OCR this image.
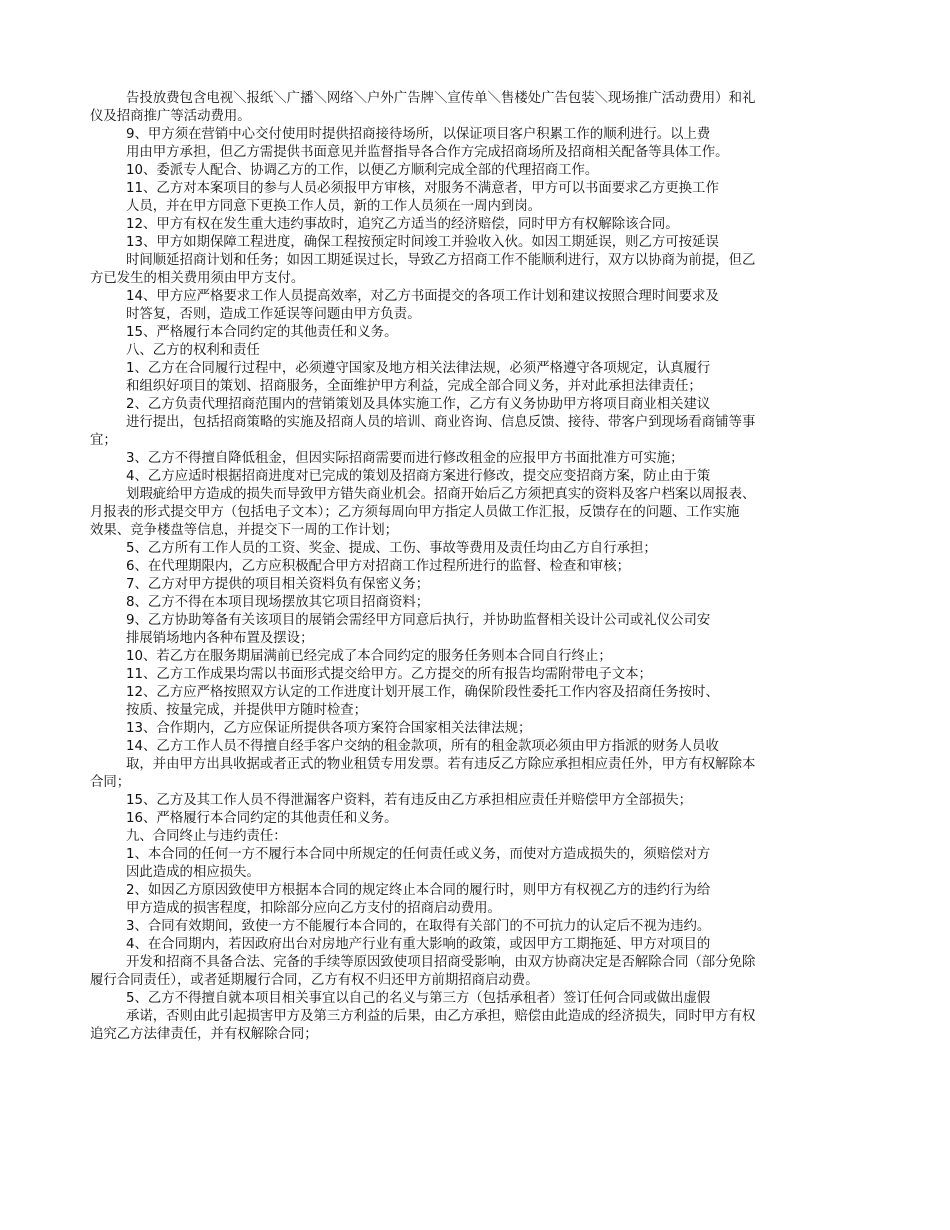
告投放费包含电视＼报纸＼广播＼网络＼户外广告牌＼宣传单＼售楼处广告包装＼现场推广活动费用）和礼
仪及招商推广等活动费用。
9、甲方须在营销中心交付使用时提供招商接待场所，以保证项目客户积累工作的顺利进行。以上费
用由甲方承担，但乙方需提供书面意见并监督指导各合作方完成招商场所及招商相关配备等具体工作。
10、委派专人配合、协调乙方的工作，以便乙方顺利完成全部的代理招商工作。
11、乙方对本案项目的参与人员必须报甲方审核，对服务不满意者，甲方可以书面要求乙方更换工作
人员，并在甲方同意下更换工作人员，新的工作人员须在一周内到岗。
12、甲方有权在发生重大违约事故时，追究乙方适当的经济赔偿，同时甲方有权解除该合同。
13、甲方如期保障工程进度，确保工程按预定时间竣工并验收入伙。如因工期延误，则乙方可按延误
时间顺延招商计划和任务；如因工期延误过长，导致乙方招商工作不能顺利进行，双方以协商为前提，但乙
方已发生的相关费用须由甲方支付。
14、甲方应严格要求工作人员提高效率，对乙方书面提交的各项工作计划和建议按照合理时间要求及
时答复，否则，造成工作延误等问题由甲方负责。
15、严格履行本合同约定的其他责任和义务。
八、乙方的权利和责任
1、乙方在合同履行过程中，必须遵守国家及地方相关法律法规，必须严格遵守各项规定，认真履行
和组织好项目的策划、招商服务，全面维护甲方利益，完成全部合同义务，并对此承担法律责任；
2、乙方负责代理招商范围内的营销策划及具体实施工作，乙方有义务协助甲方将项目商业相关建议
进行提出，包括招商策略的实施及招商人员的培训、商业咨询、信息反馈、接待、带客户到现场看商铺等事
宜；
3、乙方不得擅自降低租金，但因实际招商需要而进行修改租金的应报甲方书面批准方可实施；
4、乙方应适时根据招商进度对已完成的策划及招商方案进行修改，提交应变招商方案，防止由于策
划瑕疵给甲方造成的损失而导致甲方错失商业机会。招商开始后乙方须把真实的资料及客户档案以周报表、
月报表的形式提交甲方（包括电子文本）；乙方须每周向甲方指定人员做工作汇报，反馈存在的问题、工作实施
效果、竞争楼盘等信息，并提交下一周的工作计划；
5、乙方所有工作人员的工资、奖金、提成、工伤、事故等费用及责任均由乙方自行承担；
6、在代理期限内，乙方应积极配合甲方对招商工作过程所进行的监督、检查和审核；
7、乙方对甲方提供的项目相关资料负有保密义务；
8、乙方不得在本项目现场摆放其它项目招商资料；
9、乙方协助筹备有关该项目的展销会需经甲方同意后执行，并协助监督相关设计公司或礼仪公司安
排展销场地内各种布置及摆设；
10、若乙方在服务期届满前已经完成了本合同约定的服务任务则本合同自行终止；
11、乙方工作成果均需以书面形式提交给甲方。乙方提交的所有报告均需附带电子文本；
12、乙方应严格按照双方认定的工作进度计划开展工作，确保阶段性委托工作内容及招商任务按时、
按质、按量完成，并提供甲方随时检查；
13、合作期内，乙方应保证所提供各项方案符合国家相关法律法规；
14、乙方工作人员不得擅自经手客户交纳的租金款项，所有的租金款项必须由甲方指派的财务人员收
取，并由甲方出具收据或者正式的物业租赁专用发票。若有违反乙方除应承担相应责任外，甲方有权解除本
合同；
15、乙方及其工作人员不得泄漏客户资料，若有违反由乙方承担相应责任并赔偿甲方全部损失；
16、严格履行本合同约定的其他责任和义务。
九、合同终止与违约责任：
1、本合同的任何一方不履行本合同中所规定的任何责任或义务，而使对方造成损失的，须赔偿对方
因此造成的相应损失。
2、如因乙方原因致使甲方根据本合同的规定终止本合同的履行时，则甲方有权视乙方的违约行为给
甲方造成的损害程度，扣除部分应向乙方支付的招商启动费用。
3、合同有效期间，致使一方不能履行本合同的，在取得有关部门的不可抗力的认定后不视为违约。
4、在合同期内，若因政府出台对房地产行业有重大影响的政策，或因甲方工期拖延、甲方对项目的
开发和招商不具备合法、完备的手续等原因致使项目招商受影响，由双方协商决定是否解除合同（部分免除
履行合同责任），或者延期履行合同，乙方有权不归还甲方前期招商启动费。
5、乙方不得擅自就本项目相关事宜以自己的名义与第三方（包括承租者）签订任何合同或做出虚假
承诺，否则由此引起损害甲方及第三方利益的后果，由乙方承担，赔偿由此造成的经济损失，同时甲方有权
追究乙方法律责任，并有权解除合同；
